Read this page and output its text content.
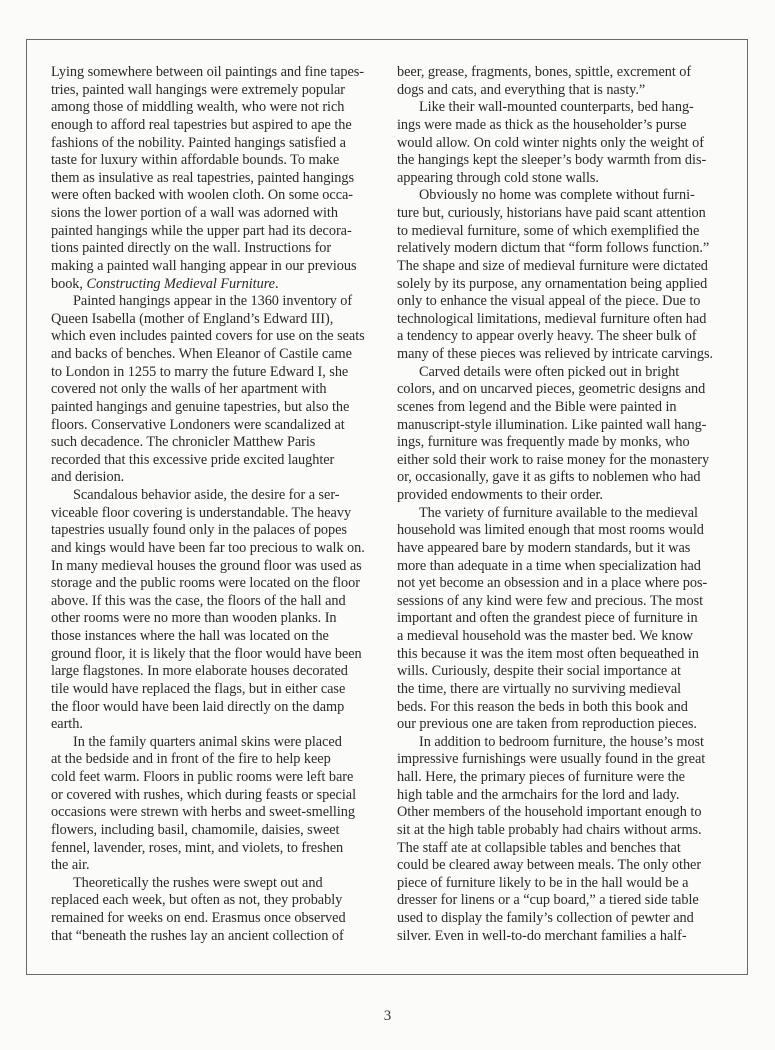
Lying somewhere between oil paintings and fine tapes-
tries, painted wall hangings were extremely popular
among those of middling wealth, who were not rich
enough to afford real tapestries but aspired to ape the
fashions of the nobility. Painted hangings satisfied a
taste for luxury within affordable bounds. To make
them as insulative as real tapestries, painted hangings
were often backed with woolen cloth. On some occa-
sions the lower portion of a wall was adorned with
painted hangings while the upper part had its decora-
tions painted directly on the wall. Instructions for
making a painted wall hanging appear in our previous
book, Constructing Medieval Furniture.
Painted hangings appear in the 1360 inventory of
Queen Isabella (mother of England’s Edward III),
which even includes painted covers for use on the seats
and backs of benches. When Eleanor of Castile came
to London in 1255 to marry the future Edward I, she
covered not only the walls of her apartment with
painted hangings and genuine tapestries, but also the
floors. Conservative Londoners were scandalized at
such decadence. The chronicler Matthew Paris
recorded that this excessive pride excited laughter
and derision.
Scandalous behavior aside, the desire for a ser-
viceable floor covering is understandable. The heavy
tapestries usually found only in the palaces of popes
and kings would have been far too precious to walk on.
In many medieval houses the ground floor was used as
storage and the public rooms were located on the floor
above. If this was the case, the floors of the hall and
other rooms were no more than wooden planks. In
those instances where the hall was located on the
ground floor, it is likely that the floor would have been
large flagstones. In more elaborate houses decorated
tile would have replaced the flags, but in either case
the floor would have been laid directly on the damp
earth.
In the family quarters animal skins were placed
at the bedside and in front of the fire to help keep
cold feet warm. Floors in public rooms were left bare
or covered with rushes, which during feasts or special
occasions were strewn with herbs and sweet-smelling
flowers, including basil, chamomile, daisies, sweet
fennel, lavender, roses, mint, and violets, to freshen
the air.
Theoretically the rushes were swept out and
replaced each week, but often as not, they probably
remained for weeks on end. Erasmus once observed
that “beneath the rushes lay an ancient collection of
beer, grease, fragments, bones, spittle, excrement of
dogs and cats, and everything that is nasty.”
Like their wall-mounted counterparts, bed hang-
ings were made as thick as the householder’s purse
would allow. On cold winter nights only the weight of
the hangings kept the sleeper’s body warmth from dis-
appearing through cold stone walls.
Obviously no home was complete without furni-
ture but, curiously, historians have paid scant attention
to medieval furniture, some of which exemplified the
relatively modern dictum that “form follows function.”
The shape and size of medieval furniture were dictated
solely by its purpose, any ornamentation being applied
only to enhance the visual appeal of the piece. Due to
technological limitations, medieval furniture often had
a tendency to appear overly heavy. The sheer bulk of
many of these pieces was relieved by intricate carvings.
Carved details were often picked out in bright
colors, and on uncarved pieces, geometric designs and
scenes from legend and the Bible were painted in
manuscript-style illumination. Like painted wall hang-
ings, furniture was frequently made by monks, who
either sold their work to raise money for the monastery
or, occasionally, gave it as gifts to noblemen who had
provided endowments to their order.
The variety of furniture available to the medieval
household was limited enough that most rooms would
have appeared bare by modern standards, but it was
more than adequate in a time when specialization had
not yet become an obsession and in a place where pos-
sessions of any kind were few and precious. The most
important and often the grandest piece of furniture in
a medieval household was the master bed. We know
this because it was the item most often bequeathed in
wills. Curiously, despite their social importance at
the time, there are virtually no surviving medieval
beds. For this reason the beds in both this book and
our previous one are taken from reproduction pieces.
In addition to bedroom furniture, the house’s most
impressive furnishings were usually found in the great
hall. Here, the primary pieces of furniture were the
high table and the armchairs for the lord and lady.
Other members of the household important enough to
sit at the high table probably had chairs without arms.
The staff ate at collapsible tables and benches that
could be cleared away between meals. The only other
piece of furniture likely to be in the hall would be a
dresser for linens or a “cup board,” a tiered side table
used to display the family’s collection of pewter and
silver. Even in well-to-do merchant families a half-
3
